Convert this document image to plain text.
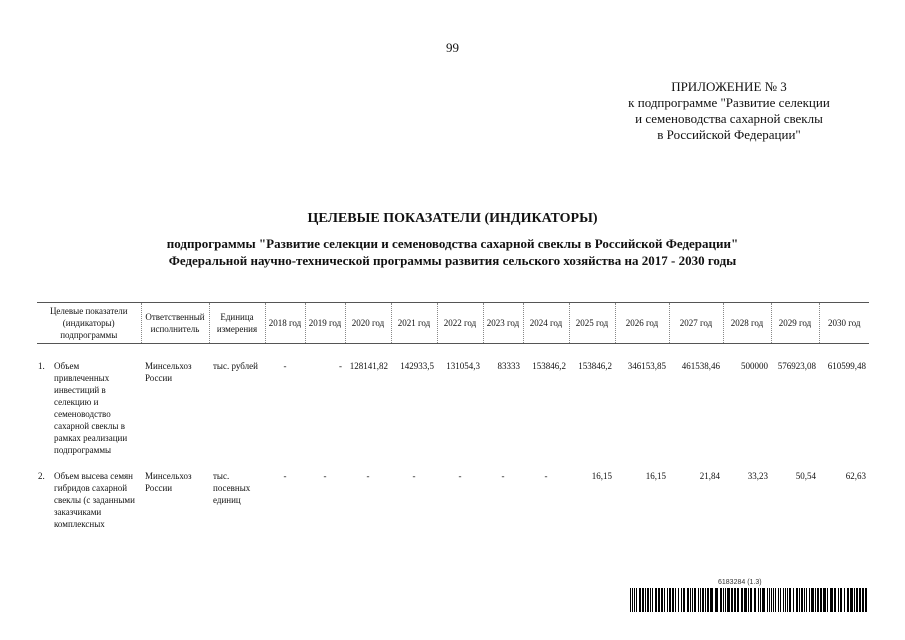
99
ПРИЛОЖЕНИЕ № 3
к подпрограмме "Развитие селекции
и семеноводства сахарной свеклы
в Российской Федерации"
ЦЕЛЕВЫЕ ПОКАЗАТЕЛИ (ИНДИКАТОРЫ)
подпрограммы "Развитие селекции и семеноводства сахарной свеклы в Российской Федерации"
Федеральной научно-технической программы развития сельского хозяйства на 2017 - 2030 годы
Целевые показатели (индикаторы) подпрограммы	Ответственный исполнитель	Единица измерения	2018 год	2019 год	2020 год	2021 год	2022 год	2023 год	2024 год	2025 год	2026 год	2027 год	2028 год	2029 год	2030 год
1. Объем привлеченных инвестиций в селекцию и семеноводство сахарной свеклы в рамках реализации подпрограммы	Минсельхоз России	тыс. рублей	-	-	128141,82	142933,5	131054,3	83333	153846,2	153846,2	346153,85	461538,46	500000	576923,08	610599,48
2. Объем высева семян гибридов сахарной свеклы (с заданными заказчиками комплексных	Минсельхоз России	тыс. посевных единиц	-	-	-	-	-	-	-	16,15	16,15	21,84	33,23	50,54	62,63
6183284 (1.3)
